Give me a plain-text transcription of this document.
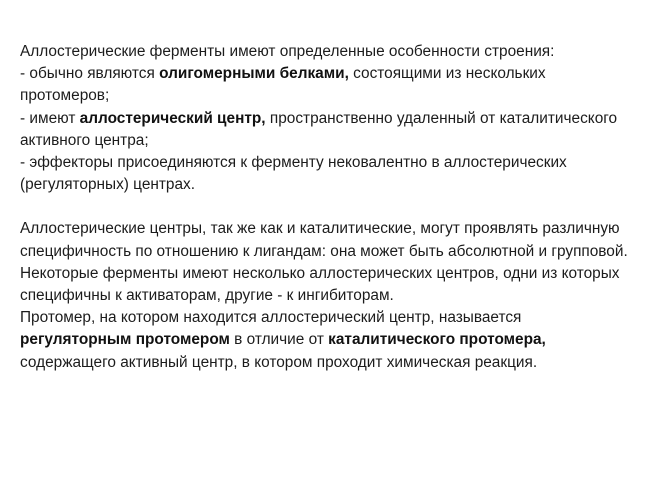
Аллостерические ферменты имеют определенные особенности строения:

- обычно являются олигомерными белками, состоящими из нескольких протомеров;

- имеют аллостерический центр, пространственно удаленный от каталитического активного центра;

- эффекторы присоединяются к ферменту нековалентно в аллостерических (регуляторных) центрах.

Аллостерические центры, так же как и каталитические, могут проявлять различную специфичность по отношению к лигандам: она может быть абсолютной и групповой. Некоторые ферменты имеют несколько аллостерических центров, одни из которых специфичны к активаторам, другие - к ингибиторам.

Протомер, на котором находится аллостерический центр, называется регуляторным протомером в отличие от каталитического протомера, содержащего активный центр, в котором проходит химическая реакция.
